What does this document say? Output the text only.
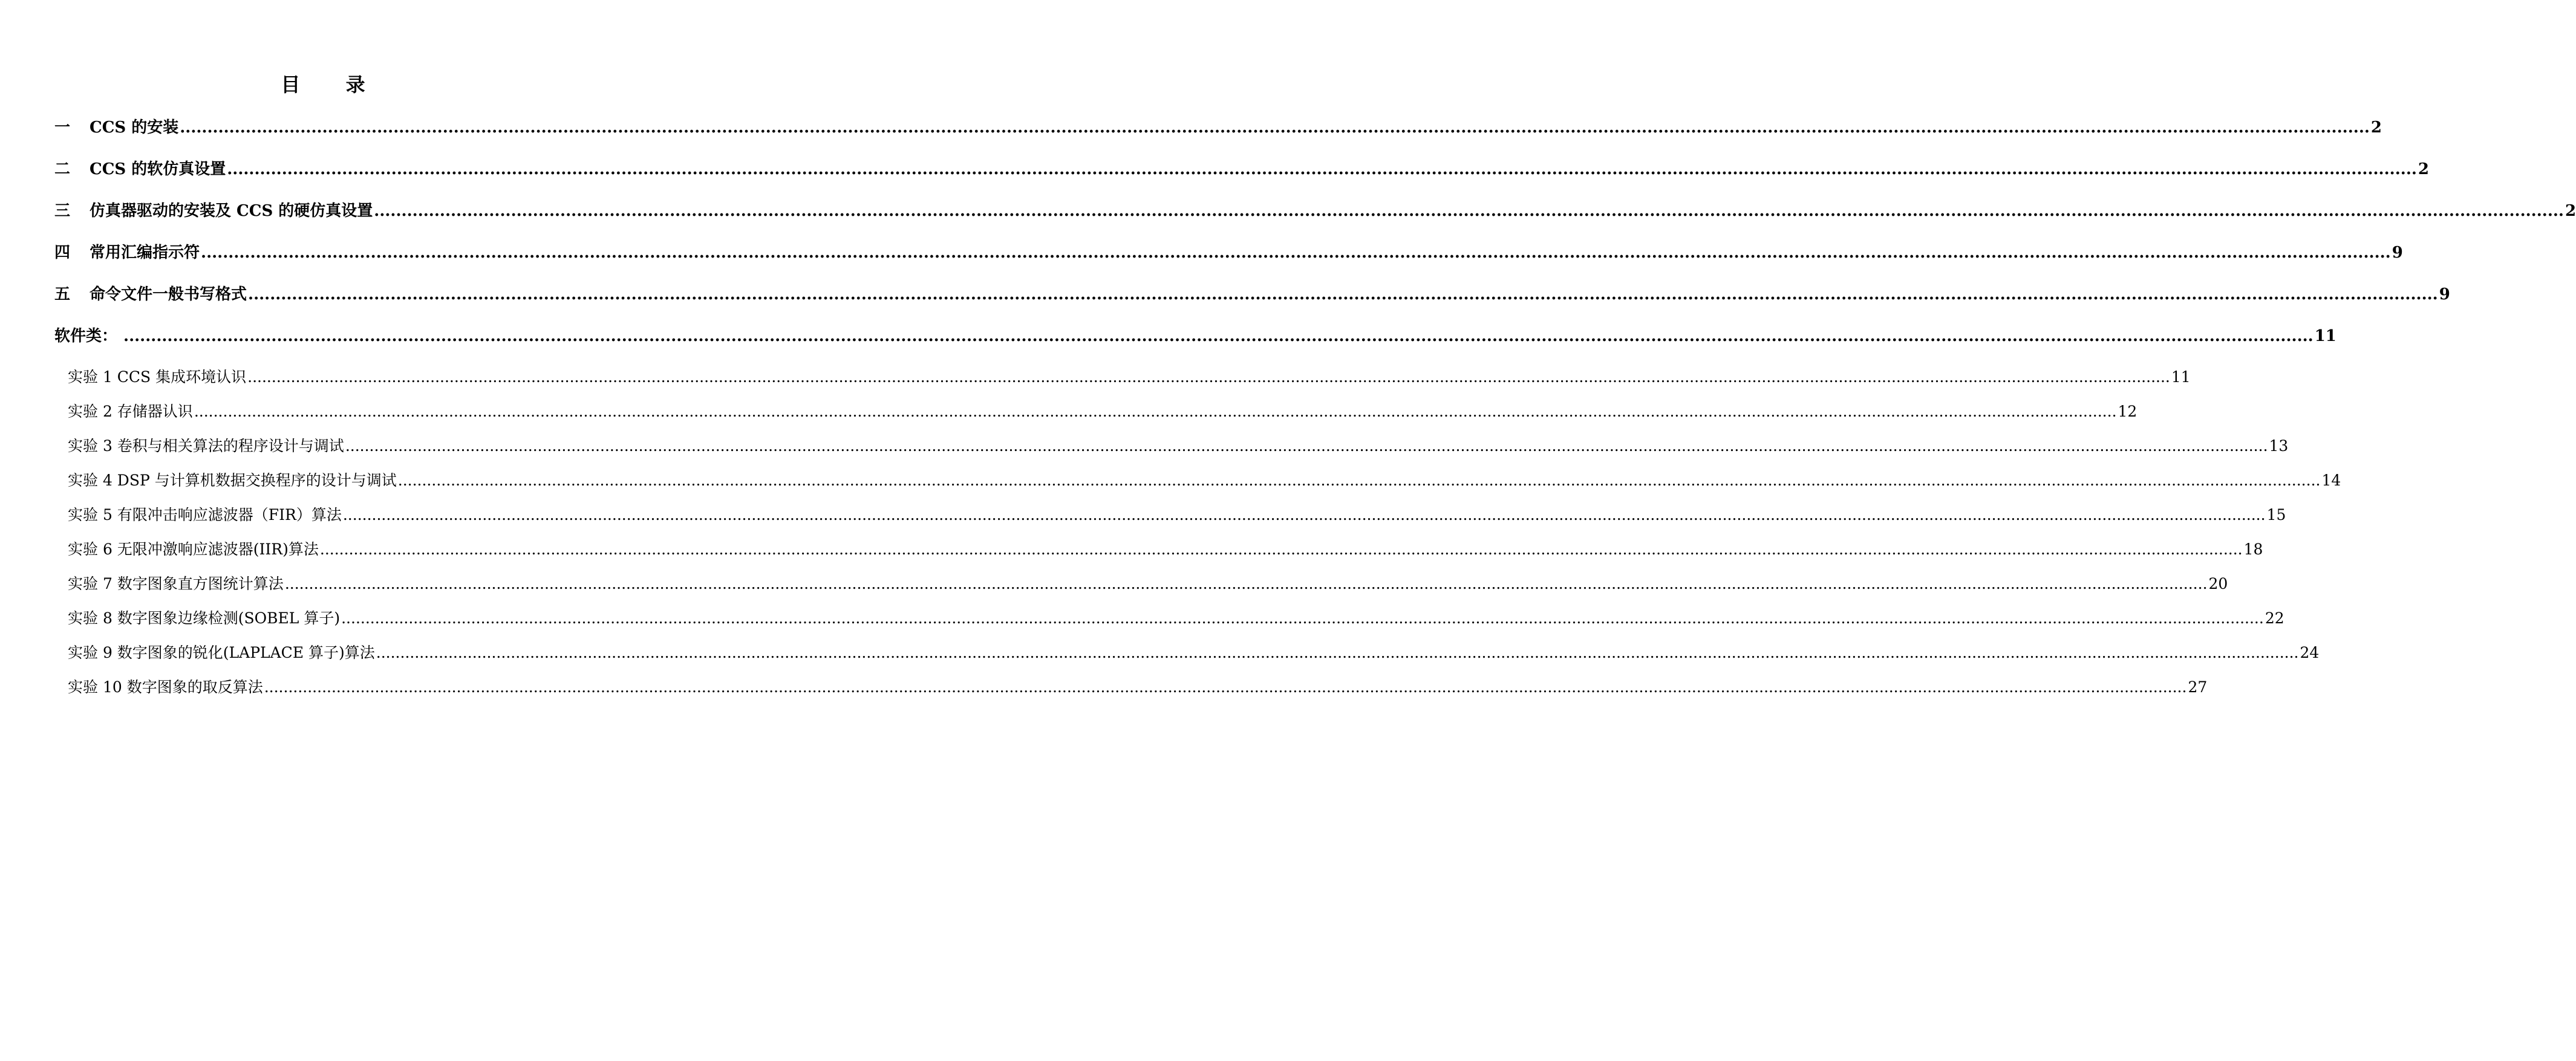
目 录
一	CCS 的安装 ................................................................................................................................................................................................................................................................................................................................................................................................................ 2
二	CCS 的软仿真设置 ................................................................................................................................................................................................................................................................................................................................................................................................................ 2
三	仿真器驱动的安装及 CCS 的硬仿真设置 ................................................................................................................................................................................................................................................................................................................................................................................................................ 2
四	常用汇编指示符 ................................................................................................................................................................................................................................................................................................................................................................................................................ 9
五	命令文件一般书写格式 ................................................................................................................................................................................................................................................................................................................................................................................................................ 9
软件类： ................................................................................................................................................................................................................................................................................................................................................................................................................ 11
实验 1 CCS 集成环境认识 ................................................................................................................................................................................................................................................................................................................................................................................................................ 11
实验 2 存储器认识 ................................................................................................................................................................................................................................................................................................................................................................................................................ 12
实验 3 卷积与相关算法的程序设计与调试 ................................................................................................................................................................................................................................................................................................................................................................................................................ 13
实验 4 DSP 与计算机数据交换程序的设计与调试 ................................................................................................................................................................................................................................................................................................................................................................................................................ 14
实验 5 有限冲击响应滤波器（FIR）算法 ................................................................................................................................................................................................................................................................................................................................................................................................................ 15
实验 6 无限冲激响应滤波器(IIR)算法 ................................................................................................................................................................................................................................................................................................................................................................................................................ 18
实验 7 数字图象直方图统计算法 ................................................................................................................................................................................................................................................................................................................................................................................................................ 20
实验 8 数字图象边缘检测(SOBEL 算子) ................................................................................................................................................................................................................................................................................................................................................................................................................ 22
实验 9 数字图象的锐化(LAPLACE 算子)算法 ................................................................................................................................................................................................................................................................................................................................................................................................................ 24
实验 10 数字图象的取反算法 ................................................................................................................................................................................................................................................................................................................................................................................................................ 27
